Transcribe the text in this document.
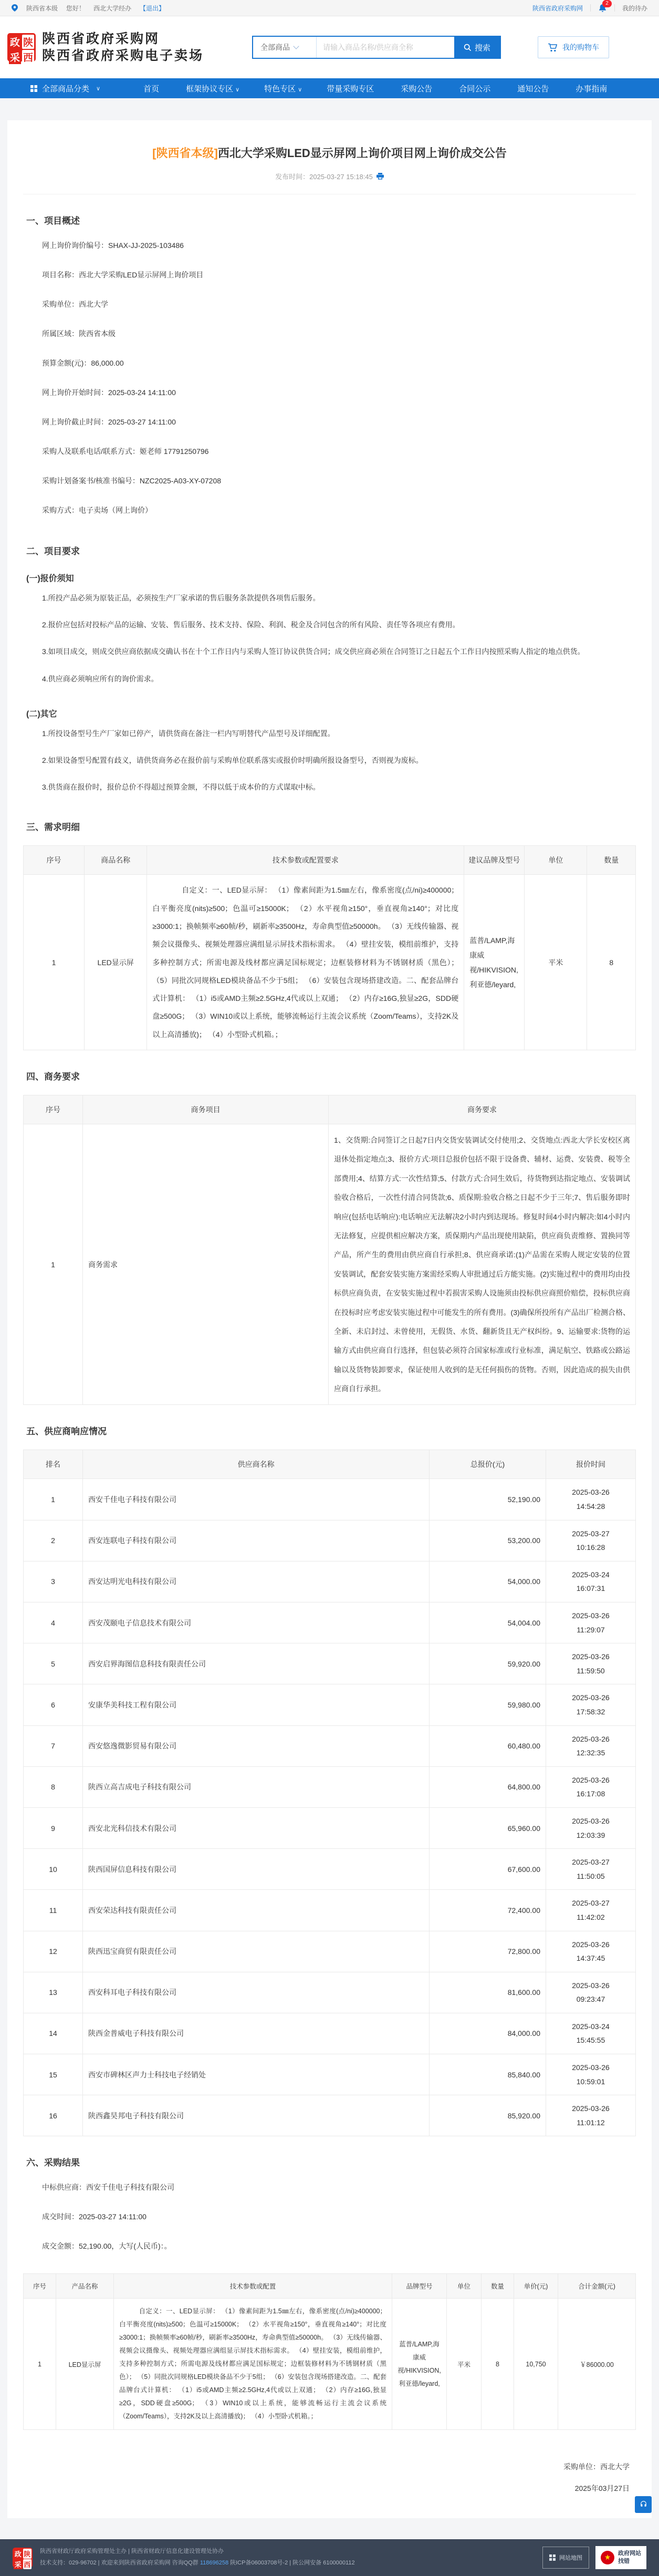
陕西省本级 您好！ 西北大学经办 【退出】	陕西省政府采购网
2
我的待办
政 陕
采 西
陕西省政府采购网
陕西省政府采购电子卖场
全部商品
请输入商品名称/供应商全称	搜索	我的购物车
全部商品分类 ∨	首页	框架协议专区 ∨	特色专区 ∨	带量采购专区	采购公告	合同公示	通知公告	办事指南
[陕西省本级]西北大学采购LED显示屏网上询价项目网上询价成交公告
发布时间：2025-03-27 15:18:45
一、项目概述

网上询价询价编号：SHAX-JJ-2025-103486

项目名称：西北大学采购LED显示屏网上询价项目

采购单位：西北大学

所属区域：陕西省本级

预算金额(元)：86,000.00

网上询价开始时间：2025-03-24 14:11:00

网上询价截止时间：2025-03-27 14:11:00

采购人及联系电话/联系方式：姬老师 17791250796

采购计划备案书/核准书编号：NZC2025-A03-XY-07208

采购方式：电子卖场（网上询价）

二、项目要求
(一)报价须知

1.所投产品必须为原装正品，必须按生产厂家承诺的售后服务条款提供各项售后服务。

2.报价应包括对投标产品的运输、安装、售后服务、技术支持、保险、利润、税金及合同包含的所有风险、责任等各项应有费用。

3.如项目成交，则成交供应商依据成交确认书在十个工作日内与采购人签订协议供货合同；成交供应商必须在合同签订之日起五个工作日内按照采购人指定的地点供货。

4.供应商必须响应所有的询价需求。

(二)其它

1.所投设备型号生产厂家如已停产，请供货商在备注一栏内写明替代产品型号及详细配置。

2.如果设备型号配置有歧义，请供货商务必在报价前与采购单位联系落实或报价时明确所报设备型号，否则视为废标。

3.供货商在报价时，报价总价不得超过预算金额，不得以低于成本价的方式谋取中标。

三、需求明细
序号	商品名称	技术参数或配置要求	建议品牌及型号	单位	数量
1	LED显示屏	自定义：一、LED显示屏： （1）像素间距为1.5㎜左右，像系密度(点/ni)≥400000；白平衡亮度(nits)≥500；色温可≥15000K； （2）水平视角≥150°，垂直视角≥140°；对比度≥3000:1；换帧频率≥60帧/秒，刷新率≥3500Hz，寿命典型值≥50000h。 （3）无线传输器、视频会议摄像头、视频处理器应满组显示屏技术指标需求。 （4）壁挂安装，模组前维护，支持多种控制方式；所需电源及线材都应满足国标规定；边框装修材料为不锈钢材质（黑色）； （5）同批次同规格LED模块备品不少于5组； （6）安装包含现场搭建改造。二、配套品牌台式计算机： （1）i5或AMD主频≥2.5GHz,4代或以上双通； （2）内存≥16G,独显≥2G，SDD硬盘≥500G； （3）WIN10或以上系统，能够流畅运行主流会议系统（Zoom/Teams），支持2K及以上高清播放)； （4）小型卧式机箱。；	蓝普/LAMP,海康威视/HIKVISION,利亚德/leyard,	平米	8
四、商务要求
序号	商务项目	商务要求
1	商务需求	1、交货期:合同签订之日起7日内交货安装调试交付使用;2、交货地点:西北大学长安校区离退休处指定地点;3、报价方式:项目总报价包括不限于设备费、辅材、运费、安装费、税等全部费用;4、结算方式:一次性结算;5、付款方式:合同生效后，待货物到达指定地点、安装调试验收合格后，一次性付清合同货款;6、质保期:验收合格之日起不少于三年;7、售后服务即时响应(包括电话响应):电话响应无法解决2小时内到达现场。修复时间4小时内解决:如4小时内无法修复，应提供相应解决方案，质保期内产品出现使用缺陷，供应商负责维修、置换同等产品，所产生的费用由供应商自行承担;8、供应商承诺:(1)产品需在采购人规定安装的位置安装调试，配套安装实施方案需经采购人审批通过后方能实施。(2)实施过程中的费用均由投标供应商负责，在安装实施过程中若损害采购人设施须由投标供应商照价赔偿，投标供应商在投标时应考虑安装实施过程中可能发生的所有费用。(3)确保所投所有产品出厂检测合格、全新、未启封过、未曾使用，无假货、水货、翻新货且无产权纠纷。9、运输要求:货物的运输方式由供应商自行选择，但包装必须符合国家标准或行业标准，满足航空、铁路或公路运输以及货物装卸要求，保证使用人收到的是无任何损伤的货物。否则，因此造成的损失由供应商自行承担。
五、供应商响应情况
排名	供应商名称	总报价(元)	报价时间
1	西安千佳电子科技有限公司	52,190.00	2025-03-26
14:54:28

2	西安连联电子科技有限公司	53,200.00	2025-03-27
10:16:28

3	西安达明光电科技有限公司	54,000.00	2025-03-24
16:07:31

4	西安茂颐电子信息技术有限公司	54,004.00	2025-03-26
11:29:07

5	西安启界海图信息科技有限责任公司	59,920.00	2025-03-26
11:59:50

6	安康华美科技工程有限公司	59,980.00	2025-03-26
17:58:32

7	西安悠逸微影贸易有限公司	60,480.00	2025-03-26
12:32:35

8	陕西立高吉成电子科技有限公司	64,800.00	2025-03-26
16:17:08

9	西安北光科信技术有限公司	65,960.00	2025-03-26
12:03:39

10	陕西国屏信息科技有限公司	67,600.00	2025-03-27
11:50:05

11	西安荣达科技有限责任公司	72,400.00	2025-03-27
11:42:02

12	陕西迅宝商贸有限责任公司	72,800.00	2025-03-26
14:37:45

13	西安科耳电子科技有限公司	81,600.00	2025-03-26
09:23:47

14	陕西金普威电子科技有限公司	84,000.00	2025-03-24
15:45:55

15	西安市碑林区声力士科技电子经销处	85,840.00	2025-03-26
10:59:01

16	陕西鑫昊邦电子科技有限公司	85,920.00	2025-03-26
11:01:12
六、采购结果

中标供应商：西安千佳电子科技有限公司

成交时间：2025-03-27 14:11:00

成交金额：52,190.00，大写(人民币)：。

序号	产品名称	技术参数或配置	品牌型号	单位	数量	单价(元)	合计金额(元)
1	LED显示屏	自定义：一、LED显示屏： （1）像素间距为1.5㎜左右，像系密度(点/ni)≥400000；白平衡亮度(nits)≥500；色温可≥15000K； （2）水平视角≥150°，垂直视角≥140°；对比度≥3000:1；换帧频率≥60帧/秒，刷新率≥3500Hz，寿命典型值≥50000h。 （3）无线传输器、视频会议摄像头、视频处理器应满组显示屏技术指标需求。 （4）壁挂安装，模组前维护，支持多种控制方式；所需电源及线材都应满足国标规定；边框装修材料为不锈钢材质（黑色）； （5）同批次同规格LED模块备品不少于5组； （6）安装包含现场搭建改造。二、配套品牌台式计算机： （1）i5或AMD主频≥2.5GHz,4代或以上双通； （2）内存≥16G,独显≥2G，SDD硬盘≥500G； （3）WIN10或以上系统，能够流畅运行主流会议系统（Zoom/Teams），支持2K及以上高清播放)； （4）小型卧式机箱。；	蓝普/LAMP,海康威视/HIKVISION,利亚德/leyard,	平米	8	10,750	￥86000.00
采购单位：西北大学
2025年03月27日
政 陕
采 西
陕西省财政厅政府采购管理处主办 | 陕西省财政厅信息化建设管理处协办
技术支持：029-96702 | 欢迎来到陕西省政府采购网 咨询QQ群 118696258 陕ICP备06003708号-2 | 陕公网安备 6100000112
网站地图	★	政府网站
找错
